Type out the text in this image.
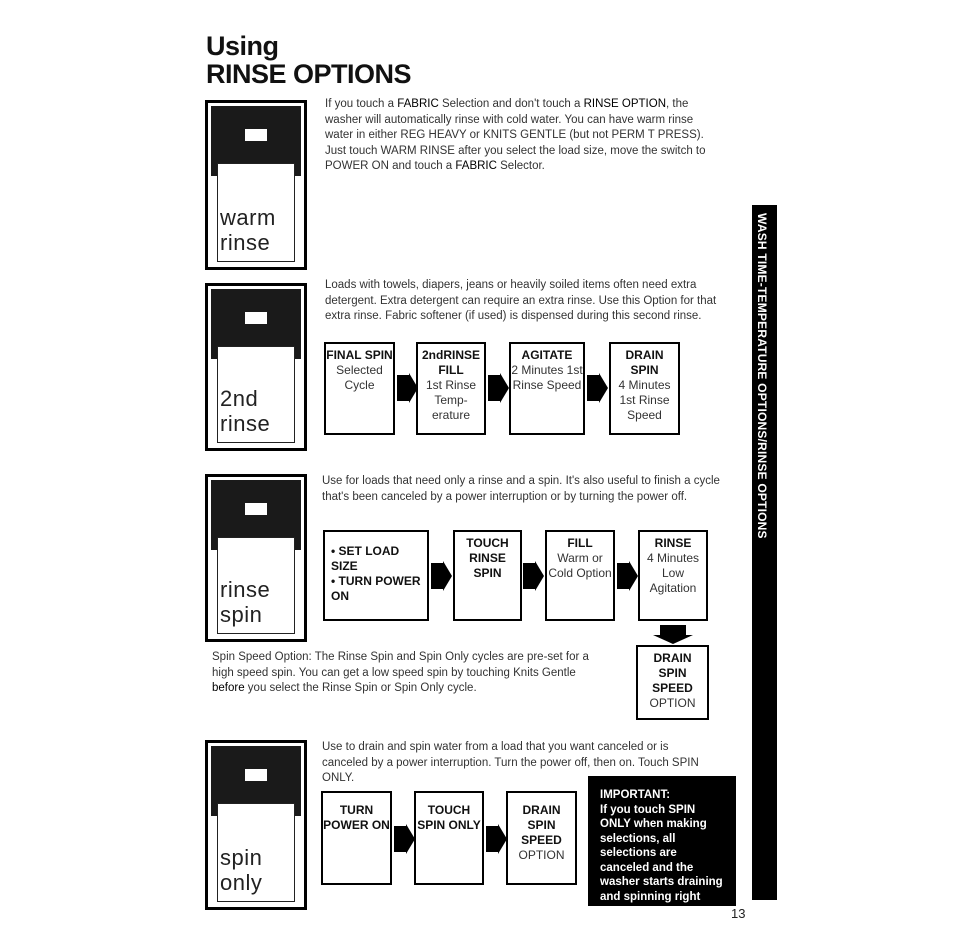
Using
RINSE OPTIONS
warm
rinse

If you touch a FABRIC Selection and don't touch a RINSE OPTION, the washer will automatically rinse with cold water. You can have warm rinse water in either REG HEAVY or KNITS GENTLE (but not PERM T PRESS). Just touch WARM RINSE after you select the load size, move the switch to POWER ON and touch a FABRIC Selector.

2nd
rinse

Loads with towels, diapers, jeans or heavily soiled items often need extra detergent. Extra detergent can require an extra rinse. Use this Option for that extra rinse. Fabric softener (if used) is dispensed during this second rinse.

FINAL SPIN
Selected Cycle
2ndRINSE FILL
1st Rinse Temp-erature
AGITATE
2 Minutes 1st Rinse Speed
DRAIN SPIN
4 Minutes 1st Rinse Speed
rinse
spin

Use for loads that need only a rinse and a spin. It's also useful to finish a cycle that's been canceled by a power interruption or by turning the power off.

• SET LOAD SIZE
• TURN POWER ON
TOUCH RINSE SPIN
FILL
Warm or Cold Option
RINSE
4 Minutes Low Agitation
DRAIN SPIN SPEED
OPTION

Spin Speed Option: The Rinse Spin and Spin Only cycles are pre-set for a high speed spin. You can get a low speed spin by touching Knits Gentle before you select the Rinse Spin or Spin Only cycle.

spin
only

Use to drain and spin water from a load that you want canceled or is canceled by a power interruption. Turn the power off, then on. Touch SPIN ONLY.

TURN POWER ON
TOUCH SPIN ONLY
DRAIN SPIN SPEED
OPTION
IMPORTANT:
If you touch SPIN ONLY when making selections, all selections are canceled and the washer starts draining and spinning right away.
WASH TIME-TEMPERATURE OPTIONS/RINSE OPTIONS
13
